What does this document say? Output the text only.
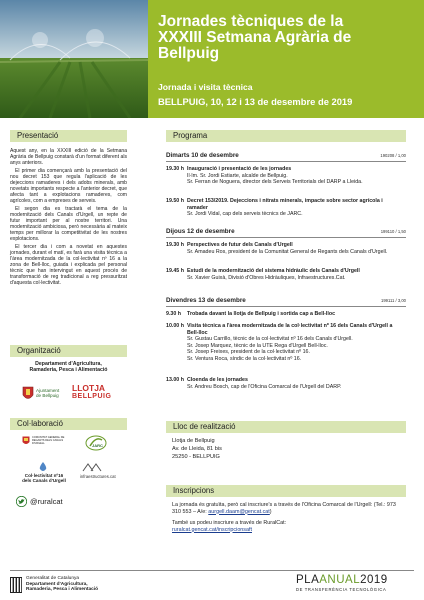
Jornades tècniques de la
XXXIII Setmana Agrària de
Bellpuig
Jornada i visita tècnica
BELLPUIG, 10, 12 i 13 de desembre de 2019
Presentació

Aquest any, en la XXXIII edició de la Setmana Agrària de Bellpuig constarà d'un format diferent als anys anteriors.

El primer dia començarà amb la presentació del nou decret 153 que regula l'aplicació de les dejeccions ramaderes i dels adobs minerals, amb novetats importants respecte a l'anterior decret, que afecta tant a explotacions ramaderes, com agrícoles, com a empreses de serveis.

El segon dia es tractarà el tema de la modernització dels Canals d'Urgell, un repte de futur important per al nostre territori. Una modernització ambiciosa, però necessària al mateix temps per millorar la competitivitat de les nostres explotacions.

El tercer dia i com a novetat en aquestes jornades, durant el matí, es farà una visita tècnica a l'àrea modernitzada de la col·lectivitat nº 16 a la zona de Bell-lloc, guiada i explicada pel personal tècnic que han intervingut en aquest procés de transformació de reg tradicional a reg pressuritzat d'aquesta col·lectivitat.

Organització
Departament d'Agricultura,
Ramaderia, Pesca i Alimentació
Ajuntament
de Bellpuig
LLOTJA
BELLPUIG
Col·laboració
COMUNITAT GENERAL DE REGANTS DELS CANALS D'URGELL	JARC
Col·lectivitat nº16
dels Canals d'Urgell
infraestructures.cat
@ruralcat
Programa
Dimarts 10 de desembre	190208 / 1,00
19.30 h Inauguració i presentació de les jornades
Il·lm. Sr. Jordi Estiarte, alcalde de Bellpuig.
Sr. Ferran de Noguera, director dels Serveis Territorials del DARP a Lleida.
19.50 h Decret 153/2019. Dejeccions i nitrats minerals, impacte sobre sector agrícola i ramader
Sr. Jordi Vidal, cap dels serveis tècnics de JARC.
Dijous 12 de desembre	199110 / 1,50
19.30 h Perspectives de futur dels Canals d'Urgell
Sr. Amadeu Ros, president de la Comunitat General de Regants dels Canals d'Urgell.
19.45 h Estudi de la modernització del sistema hidràulic dels Canals d'Urgell
Sr. Xavier Guixà, Divisió d'Obres Hidràuliques, Infraestructures.Cat.
Divendres 13 de desembre	199111 / 3,00
9.30 h Trobada davant la llotja de Bellpuig i sortida cap a Bell-lloc
10.00 h Visita tècnica a l'àrea modernitzada de la col·lectivitat nº 16 dels Canals d'Urgell a Bell-lloc
Sr. Gustau Carrillo, tècnic de la col·lectivitat nº 16 dels Canals d'Urgell.
Sr. Josep Marquez, tècnic de la UTE Rega d'Urgell Bell-lloc.
Sr. Josep Freixes, president de la col·lectivitat nº 16.
Sr. Ventura Roca, síndic de la col·lectivitat nº 16.
13.00 h Cloenda de les jornades
Sr. Andreu Bosch, cap de l'Oficina Comarcal de l'Urgell del DARP.
Lloc de realització
Llotja de Bellpuig
Av. de Lleida, 81 bis
25250 - BELLPUIG
Inscripcions
La jornada és gratuïta, però cal inscriure's a través de l'Oficina Comarcal de l'Urgell: (Tel.: 973 310 553 – A/e: aurgell.daam@gencat.cat)
També us podeu inscriure a través de RuralCat:
ruralcat.gencat.cat/inscripcionsaft
Generalitat de Catalunya
Departament d'Agricultura,
Ramaderia, Pesca i Alimentació
PLAANUAL2019
DE TRANSFERÈNCIA TECNOLÒGICA
